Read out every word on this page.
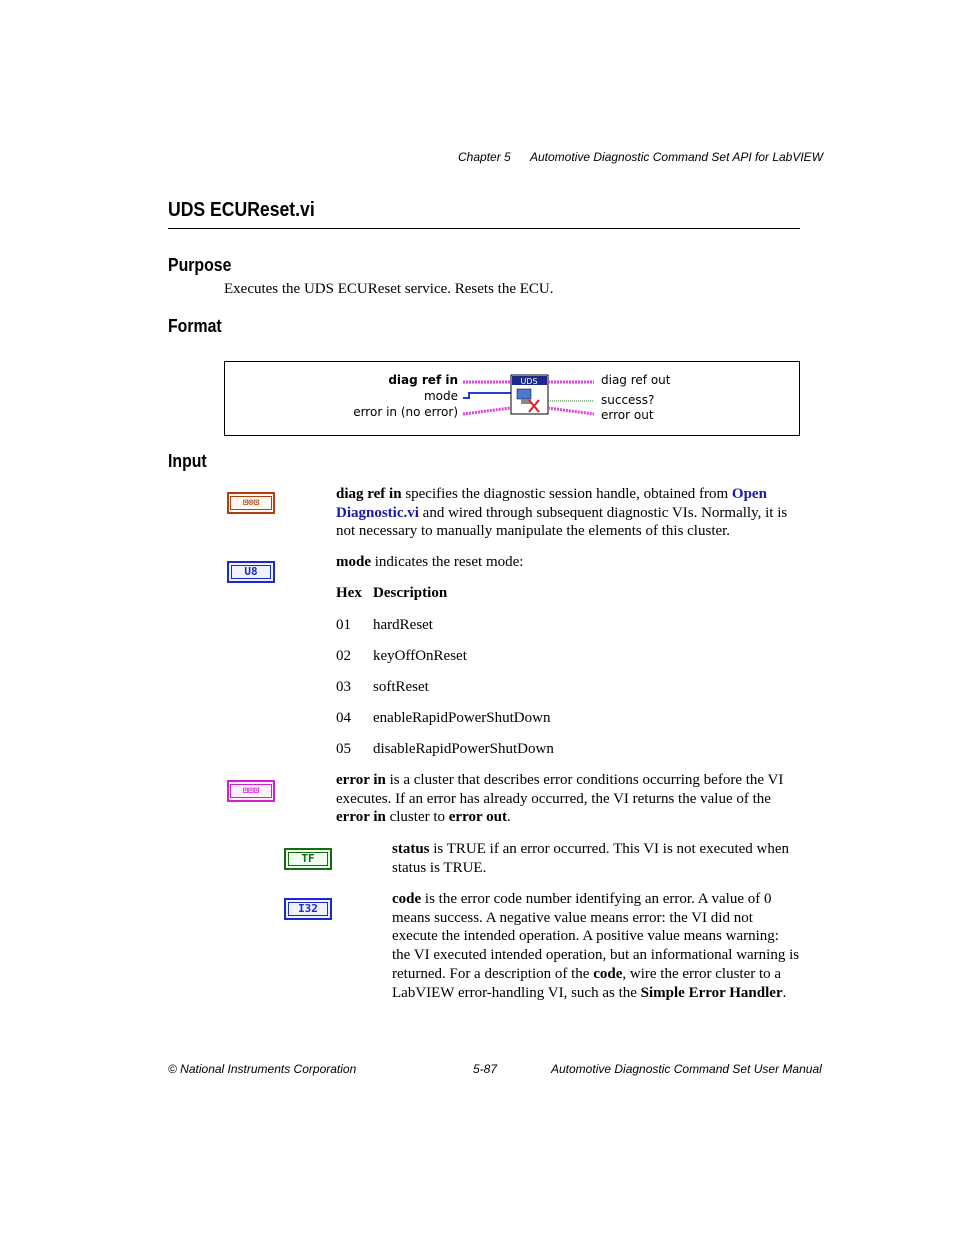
Chapter 5 Automotive Diagnostic Command Set API for LabVIEW
UDS ECUReset.vi
Purpose
Executes the UDS ECUReset service. Resets the ECU.
Format
diag ref in
mode
error in (no error)
UDS	diag ref out
success?
error out
Input
⊡⊙⊡
diag ref in specifies the diagnostic session handle, obtained from Open Diagnostic.vi and wired through subsequent diagnostic VIs. Normally, it is not necessary to manually manipulate the elements of this cluster.
U8
mode indicates the reset mode:
Hex Description
01 hardReset
02 keyOffOnReset
03 softReset
04 enableRapidPowerShutDown
05 disableRapidPowerShutDown
⊡⊡⊡
error in is a cluster that describes error conditions occurring before the VI executes. If an error has already occurred, the VI returns the value of the error in cluster to error out.
TF
status is TRUE if an error occurred. This VI is not executed when status is TRUE.
I32
code is the error code number identifying an error. A value of 0 means success. A negative value means error: the VI did not execute the intended operation. A positive value means warning: the VI executed intended operation, but an informational warning is returned. For a description of the code, wire the error cluster to a LabVIEW error-handling VI, such as the Simple Error Handler.
© National Instruments Corporation	5-87	Automotive Diagnostic Command Set User Manual
